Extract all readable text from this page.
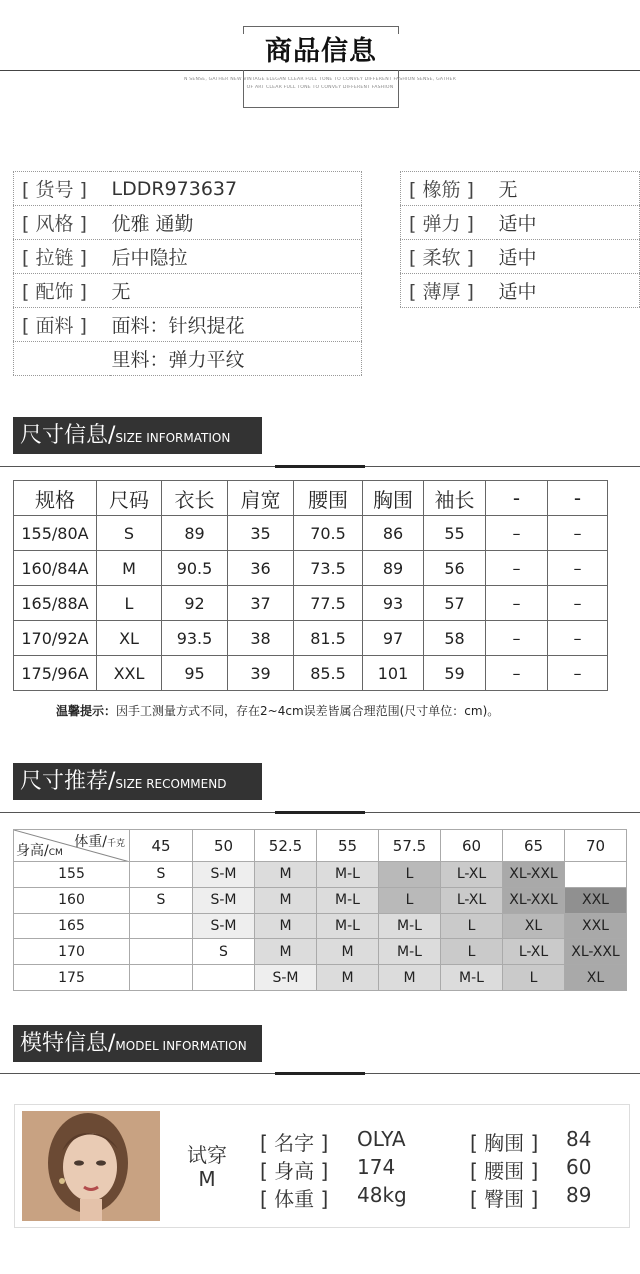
商品信息
N SENSE, GATHER NEW VINTAGE ELEGAN CLEAR FULL TONE TO CONVEY DIFFERENT FASHION SENSE, GATHER
OF ART CLEAR FULL TONE TO CONVEY DIFFERENT FASHION
[ 货号 ]	LDDR973637
[ 风格 ]	优雅 通勤
[ 拉链 ]	后中隐拉
[ 配饰 ]	无
[ 面料 ]	面料：针织提花
	里料：弹力平纹
[ 橡筋 ]	无
[ 弹力 ]	适中
[ 柔软 ]	适中
[ 薄厚 ]	适中
尺寸信息/SIZE INFORMATION
规格	尺码	衣长	肩宽	腰围	胸围	袖长	-	-
155/80A	S	89	35	70.5	86	55	–	–
160/84A	M	90.5	36	73.5	89	56	–	–
165/88A	L	92	37	77.5	93	57	–	–
170/92A	XL	93.5	38	81.5	97	58	–	–
175/96A	XXL	95	39	85.5	101	59	–	–
温馨提示：因手工测量方式不同，存在2~4cm误差皆属合理范围(尺寸单位：cm)。
尺寸推荐/SIZE RECOMMEND
体重/千克
身高/CM	45	50	52.5	55	57.5	60	65	70
155	S	S-M	M	M-L	L	L-XL	XL-XXL	
160	S	S-M	M	M-L	L	L-XL	XL-XXL	XXL
165		S-M	M	M-L	M-L	L	XL	XXL
170		S	M	M	M-L	L	L-XL	XL-XXL
175			S-M	M	M	M-L	L	XL
模特信息/MODEL INFORMATION
试穿
M
[ 名字 ] OLYA
[ 身高 ] 174
[ 体重 ] 48kg
[ 胸围 ] 84
[ 腰围 ] 60
[ 臀围 ] 89
